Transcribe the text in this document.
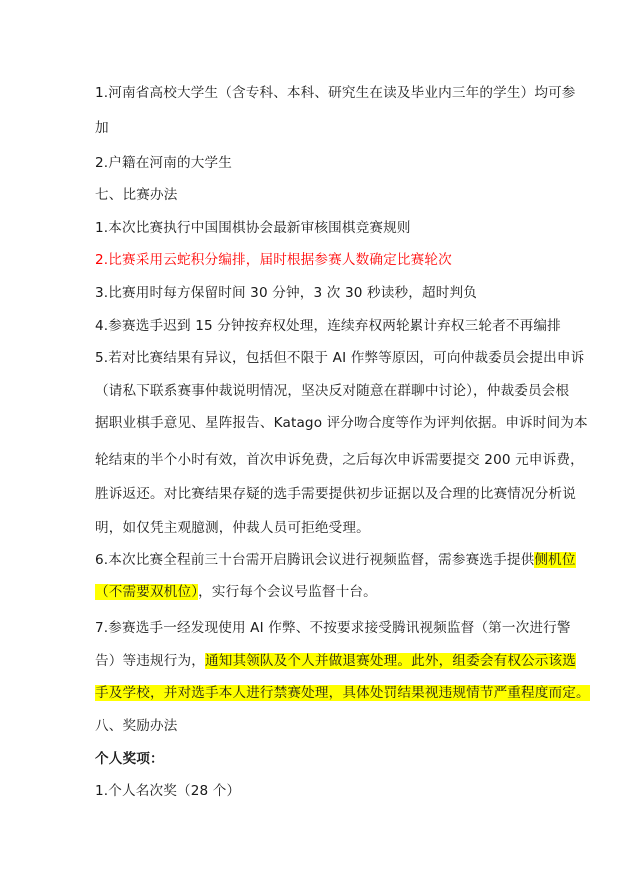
1.河南省高校大学生（含专科、本科、研究生在读及毕业内三年的学生）均可参
加
2.户籍在河南的大学生
七、比赛办法
1.本次比赛执行中国围棋协会最新审核围棋竞赛规则
2.比赛采用云蛇积分编排，届时根据参赛人数确定比赛轮次
3.比赛用时每方保留时间 30 分钟，3 次 30 秒读秒，超时判负
4.参赛选手迟到 15 分钟按弃权处理，连续弃权两轮累计弃权三轮者不再编排
5.若对比赛结果有异议，包括但不限于 AI 作弊等原因，可向仲裁委员会提出申诉
（请私下联系赛事仲裁说明情况，坚决反对随意在群聊中讨论），仲裁委员会根
据职业棋手意见、星阵报告、Katago 评分吻合度等作为评判依据。申诉时间为本
轮结束的半个小时有效，首次申诉免费，之后每次申诉需要提交 200 元申诉费，
胜诉返还。对比赛结果存疑的选手需要提供初步证据以及合理的比赛情况分析说
明，如仅凭主观臆测，仲裁人员可拒绝受理。
6.本次比赛全程前三十台需开启腾讯会议进行视频监督，需参赛选手提供侧机位
（不需要双机位），实行每个会议号监督十台。
7.参赛选手一经发现使用 AI 作弊、不按要求接受腾讯视频监督（第一次进行警
告）等违规行为，通知其领队及个人并做退赛处理。此外，组委会有权公示该选
手及学校，并对选手本人进行禁赛处理，具体处罚结果视违规情节严重程度而定。
八、奖励办法
个人奖项：
1.个人名次奖（28 个）
